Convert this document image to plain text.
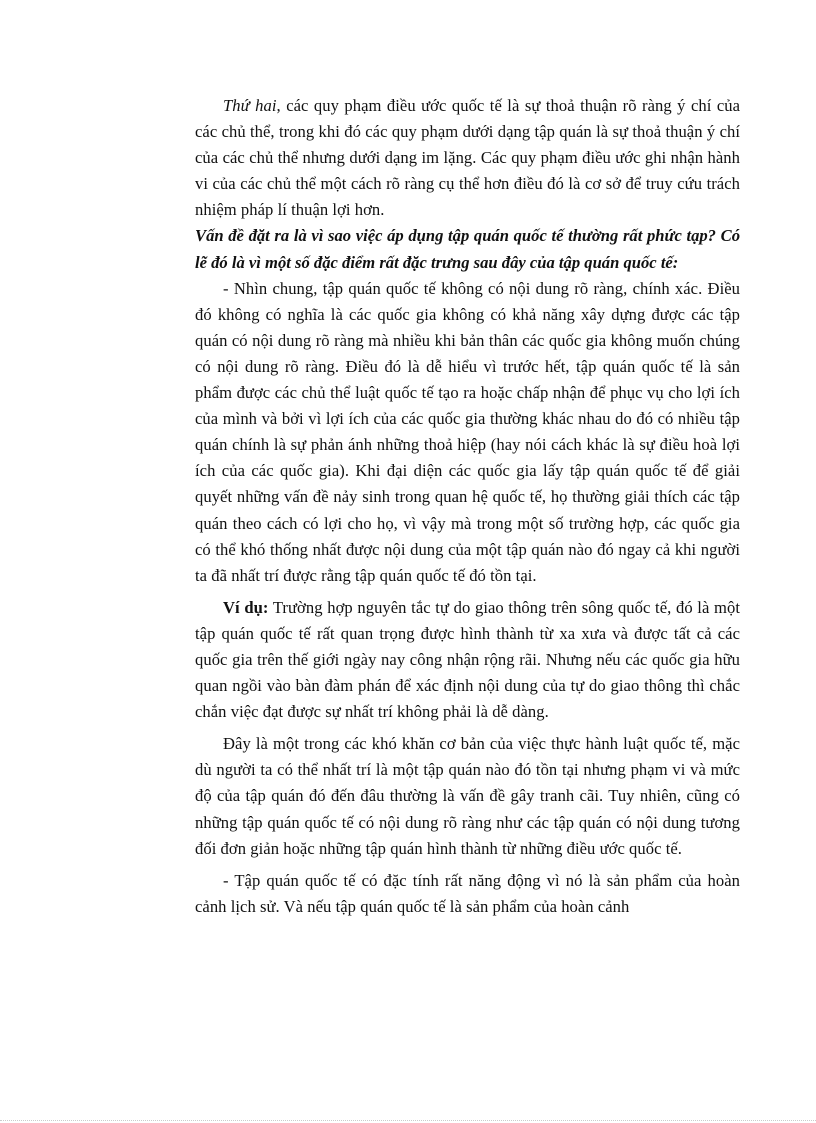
Thứ hai, các quy phạm điều ước quốc tế là sự thoả thuận rõ ràng ý chí của các chủ thể, trong khi đó các quy phạm dưới dạng tập quán là sự thoả thuận ý chí của các chủ thể nhưng dưới dạng im lặng. Các quy phạm điều ước ghi nhận hành vi của các chủ thể một cách rõ ràng cụ thể hơn điều đó là cơ sở để truy cứu trách nhiệm pháp lí thuận lợi hơn.

Vấn đề đặt ra là vì sao việc áp dụng tập quán quốc tế thường rất phức tạp? Có lẽ đó là vì một số đặc điểm rất đặc trưng sau đây của tập quán quốc tế:

- Nhìn chung, tập quán quốc tế không có nội dung rõ ràng, chính xác. Điều đó không có nghĩa là các quốc gia không có khả năng xây dựng được các tập quán có nội dung rõ ràng mà nhiều khi bản thân các quốc gia không muốn chúng có nội dung rõ ràng. Điều đó là dễ hiểu vì trước hết, tập quán quốc tế là sản phẩm được các chủ thể luật quốc tế tạo ra hoặc chấp nhận để phục vụ cho lợi ích của mình và bởi vì lợi ích của các quốc gia thường khác nhau do đó có nhiều tập quán chính là sự phản ánh những thoả hiệp (hay nói cách khác là sự điều hoà lợi ích của các quốc gia). Khi đại diện các quốc gia lấy tập quán quốc tế để giải quyết những vấn đề nảy sinh trong quan hệ quốc tế, họ thường giải thích các tập quán theo cách có lợi cho họ, vì vậy mà trong một số trường hợp, các quốc gia có thể khó thống nhất được nội dung của một tập quán nào đó ngay cả khi người ta đã nhất trí được rằng tập quán quốc tế đó tồn tại.

Ví dụ: Trường hợp nguyên tắc tự do giao thông trên sông quốc tế, đó là một tập quán quốc tế rất quan trọng được hình thành từ xa xưa và được tất cả các quốc gia trên thế giới ngày nay công nhận rộng rãi. Nhưng nếu các quốc gia hữu quan ngồi vào bàn đàm phán để xác định nội dung của tự do giao thông thì chắc chắn việc đạt được sự nhất trí không phải là dễ dàng.

Đây là một trong các khó khăn cơ bản của việc thực hành luật quốc tế, mặc dù người ta có thể nhất trí là một tập quán nào đó tồn tại nhưng phạm vi và mức độ của tập quán đó đến đâu thường là vấn đề gây tranh cãi. Tuy nhiên, cũng có những tập quán quốc tế có nội dung rõ ràng như các tập quán có nội dung tương đối đơn giản hoặc những tập quán hình thành từ những điều ước quốc tế.

- Tập quán quốc tế có đặc tính rất năng động vì nó là sản phẩm của hoàn cảnh lịch sử. Và nếu tập quán quốc tế là sản phẩm của hoàn cảnh
